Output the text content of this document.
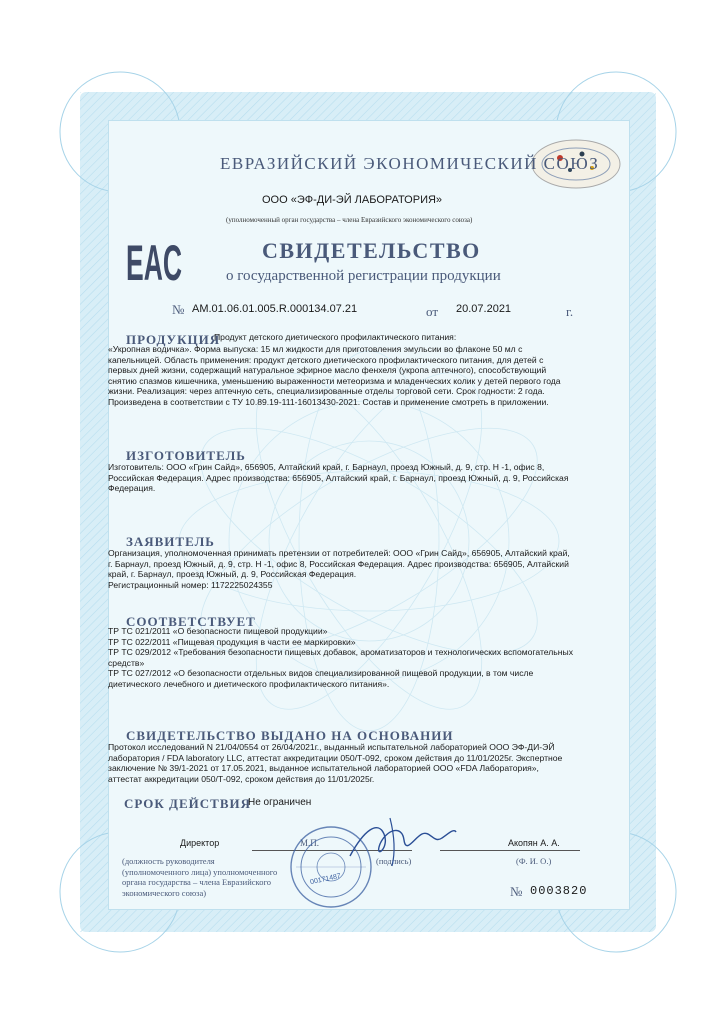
ЕВРАЗИЙСКИЙ ЭКОНОМИЧЕСКИЙ СОЮЗ
ООО «ЭФ-ДИ-ЭЙ ЛАБОРАТОРИЯ»
(уполномоченный орган государства – члена Евразийского экономического союза)
EAC	СВИДЕТЕЛЬСТВО
о государственной регистрации продукции
№ АМ.01.06.01.005.R.000134.07.21	от 20.07.2021	г.
ПРОДУКЦИЯ
Продукт детского диетического профилактического питания:
«Укропная водичка». Форма выпуска: 15 мл жидкости для приготовления эмульсии во флаконе 50 мл с
капельницей. Область применения: продукт детского диетического профилактического питания, для детей с
первых дней жизни, содержащий натуральное эфирное масло фенхеля (укропа аптечного), способствующий
снятию спазмов кишечника, уменьшению выраженности метеоризма и младенческих колик у детей первого года
жизни. Реализация: через аптечную сеть, специализированные отделы торговой сети. Срок годности: 2 года.
Произведена в соответствии с ТУ 10.89.19-111-16013430-2021. Состав и применение смотреть в приложении.
ИЗГОТОВИТЕЛЬ
Изготовитель: ООО «Грин Сайд», 656905, Алтайский край, г. Барнаул, проезд Южный, д. 9, стр. Н -1, офис 8,
Российская Федерация. Адрес производства: 656905, Алтайский край, г. Барнаул, проезд Южный, д. 9, Российская
Федерация.
ЗАЯВИТЕЛЬ
Организация, уполномоченная принимать претензии от потребителей: ООО «Грин Сайд», 656905, Алтайский край,
г. Барнаул, проезд Южный, д. 9, стр. Н -1, офис 8, Российская Федерация. Адрес производства: 656905, Алтайский
край, г. Барнаул, проезд Южный, д. 9, Российская Федерация.
Регистрационный номер: 1172225024355
СООТВЕТСТВУЕТ
ТР ТС 021/2011 «О безопасности пищевой продукции»
ТР ТС 022/2011 «Пищевая продукция в части ее маркировки»
ТР ТС 029/2012 «Требования безопасности пищевых добавок, ароматизаторов и технологических вспомогательных
средств»
ТР ТС 027/2012 «О безопасности отдельных видов специализированной пищевой продукции, в том числе
диетического лечебного и диетического профилактического питания».
СВИДЕТЕЛЬСТВО ВЫДАНО НА ОСНОВАНИИ
Протокол исследований N 21/04/0554 от 26/04/2021г., выданный испытательной лабораторией ООО ЭФ-ДИ-ЭЙ
лаборатория / FDA laboratory LLC, аттестат аккредитации 050/Т-092, сроком действия до 11/01/2025г. Экспертное
заключение № 39/1-2021 от 17.05.2021, выданное испытательной лабораторией ООО «FDA Лаборатория»,
аттестат аккредитации 050/Т-092, сроком действия до 11/01/2025г.
СРОК ДЕЙСТВИЯ
Не ограничен
Директор	Акопян А. А.
М.П.
(должность руководителя
(уполномоченного лица) уполномоченного
органа государства – члена Евразийского
экономического союза)
(подпись)	(Ф. И. О.)
00171487
№ 0003820
